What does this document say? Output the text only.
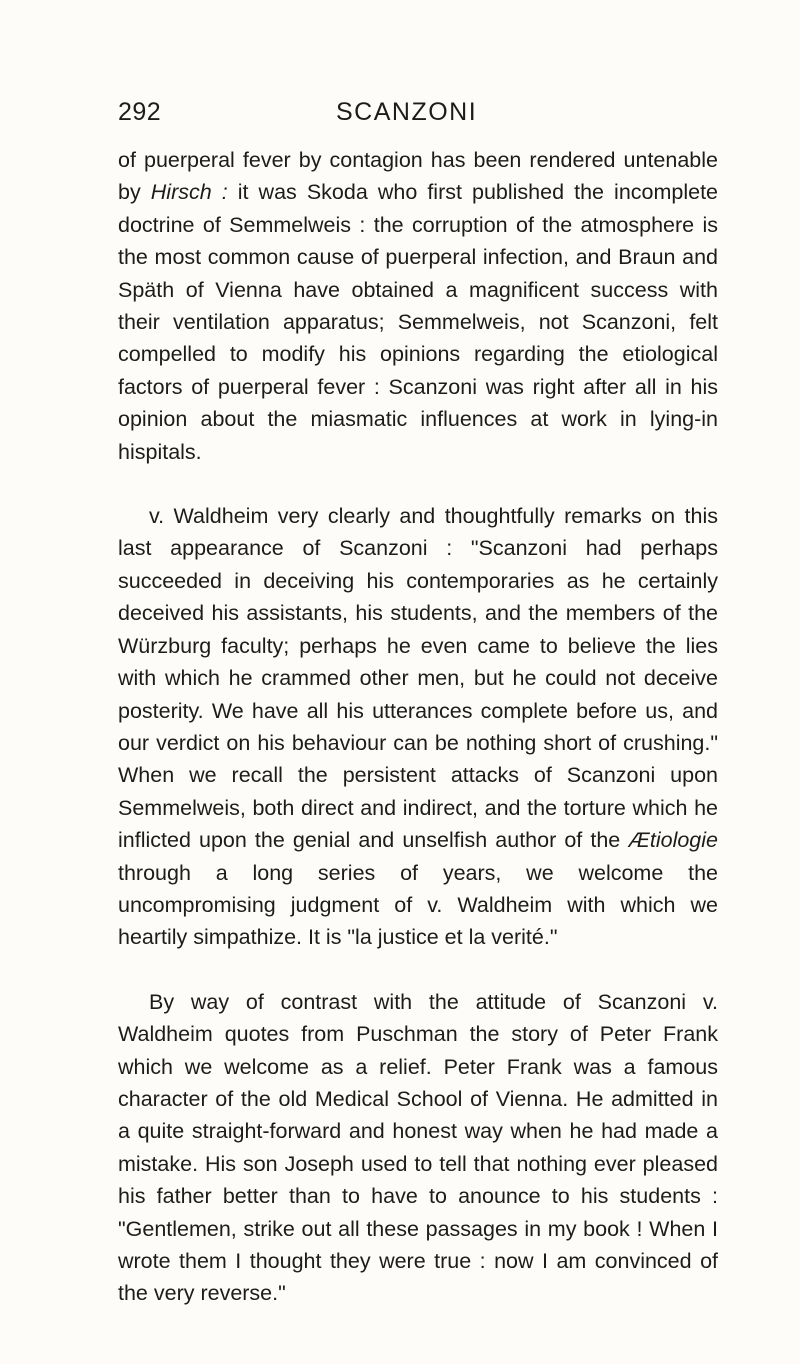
292	SCANZONI

of puerperal fever by contagion has been rendered untenable by Hirsch : it was Skoda who first published the incomplete doctrine of Semmelweis : the corruption of the atmosphere is the most common cause of puerperal infection, and Braun and Späth of Vienna have obtained a magnificent success with their ventilation apparatus; Semmelweis, not Scanzoni, felt compelled to modify his opinions regarding the etiological factors of puerperal fever : Scanzoni was right after all in his opinion about the miasmatic influences at work in lying-in hispitals.

v. Waldheim very clearly and thoughtfully remarks on this last appearance of Scanzoni : "Scanzoni had perhaps succeeded in deceiving his contemporaries as he certainly deceived his assistants, his students, and the members of the Würzburg faculty; perhaps he even came to believe the lies with which he crammed other men, but he could not deceive posterity. We have all his utterances complete before us, and our verdict on his behaviour can be nothing short of crushing." When we recall the persistent attacks of Scanzoni upon Semmelweis, both direct and indirect, and the torture which he inflicted upon the genial and unselfish author of the Ætiologie through a long series of years, we welcome the uncompromising judgment of v. Waldheim with which we heartily simpathize. It is "la justice et la verité."

By way of contrast with the attitude of Scanzoni v. Waldheim quotes from Puschman the story of Peter Frank which we welcome as a relief. Peter Frank was a famous character of the old Medical School of Vienna. He admitted in a quite straight-forward and honest way when he had made a mistake. His son Joseph used to tell that nothing ever pleased his father better than to have to anounce to his students : "Gentlemen, strike out all these passages in my book ! When I wrote them I thought they were true : now I am convinced of the very reverse."
